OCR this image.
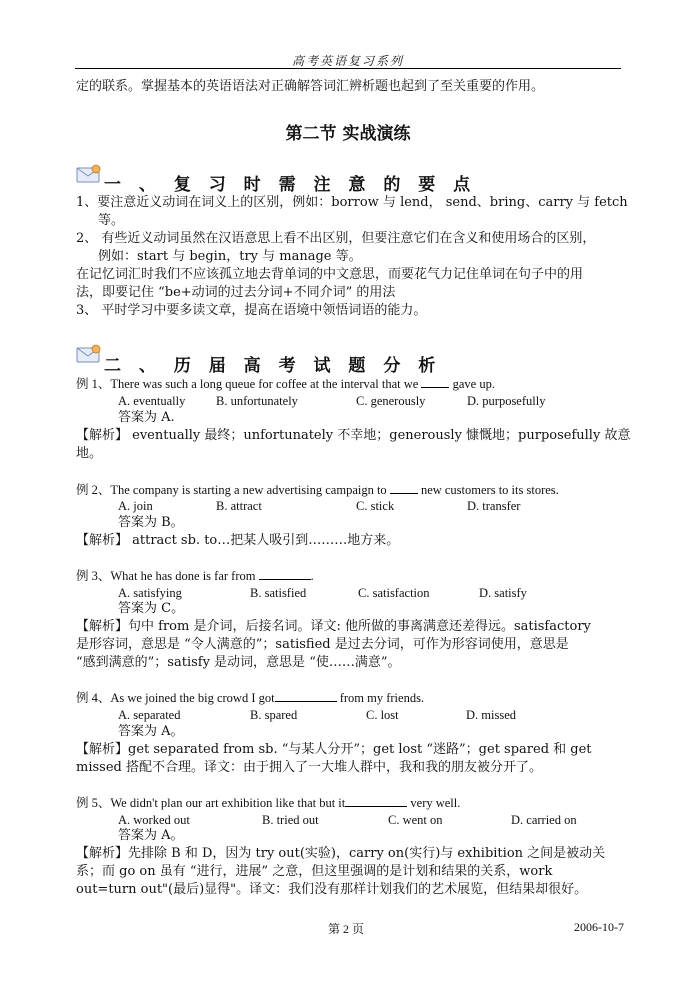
高考英语复习系列
定的联系。掌握基本的英语语法对正确解答词汇辨析题也起到了至关重要的作用。
第二节 实战演练
一 、 复 习 时 需 注 意 的 要 点
1、要注意近义动词在词义上的区别，例如：borrow 与 lend， send、bring、carry 与 fetch
等。
2、 有些近义动词虽然在汉语意思上看不出区别，但要注意它们在含义和使用场合的区别，
例如：start 与 begin，try 与 manage 等。
在记忆词汇时我们不应该孤立地去背单词的中文意思，而要花气力记住单词在句子中的用
法，即要记住 “be+动词的过去分词+不同介词” 的用法
3、 平时学习中要多读文章，提高在语境中领悟词语的能力。
二 、 历 届 高 考 试 题 分 析
例 1、There was such a long queue for coffee at the interval that we  gave up.
A. eventually B. unfortunately	C. generously	D. purposefully
答案为 A.
【解析】 eventually 最终；unfortunately 不幸地；generously 慷慨地；purposefully 故意
地。
例 2、The company is starting a new advertising campaign to  new customers to its stores.
A. join	B. attract	C. stick	D. transfer
答案为 B。
【解析】 attract sb. to…把某人吸引到………地方来。
例 3、What he has done is far from	.
A. satisfying	B. satisfied	C. satisfaction	D. satisfy
答案为 C。
【解析】句中 from 是介词，后接名词。译文: 他所做的事离满意还差得远。satisfactory
是形容词，意思是 “令人满意的”；satisfied 是过去分词，可作为形容词使用，意思是
“感到满意的”；satisfy 是动词，意思是 “使……满意”。
例 4、As we joined the big crowd I got	from my friends.
A. separated	B. spared	C. lost	D. missed
答案为 A。
【解析】get separated from sb. “与某人分开”；get lost “迷路”；get spared 和 get
missed 搭配不合理。译文：由于拥入了一大堆人群中，我和我的朋友被分开了。
例 5、We didn't plan our art exhibition like that but it	very well.
A. worked out	B. tried out	C. went on	D. carried on
答案为 A。
【解析】先排除 B 和 D，因为 try out(实验)，carry on(实行)与 exhibition 之间是被动关
系；而 go on 虽有 “进行，进展” 之意，但这里强调的是计划和结果的关系，work
out=turn out"(最后)显得"。译文：我们没有那样计划我们的艺术展览，但结果却很好。
第 2 页	2006-10-7
